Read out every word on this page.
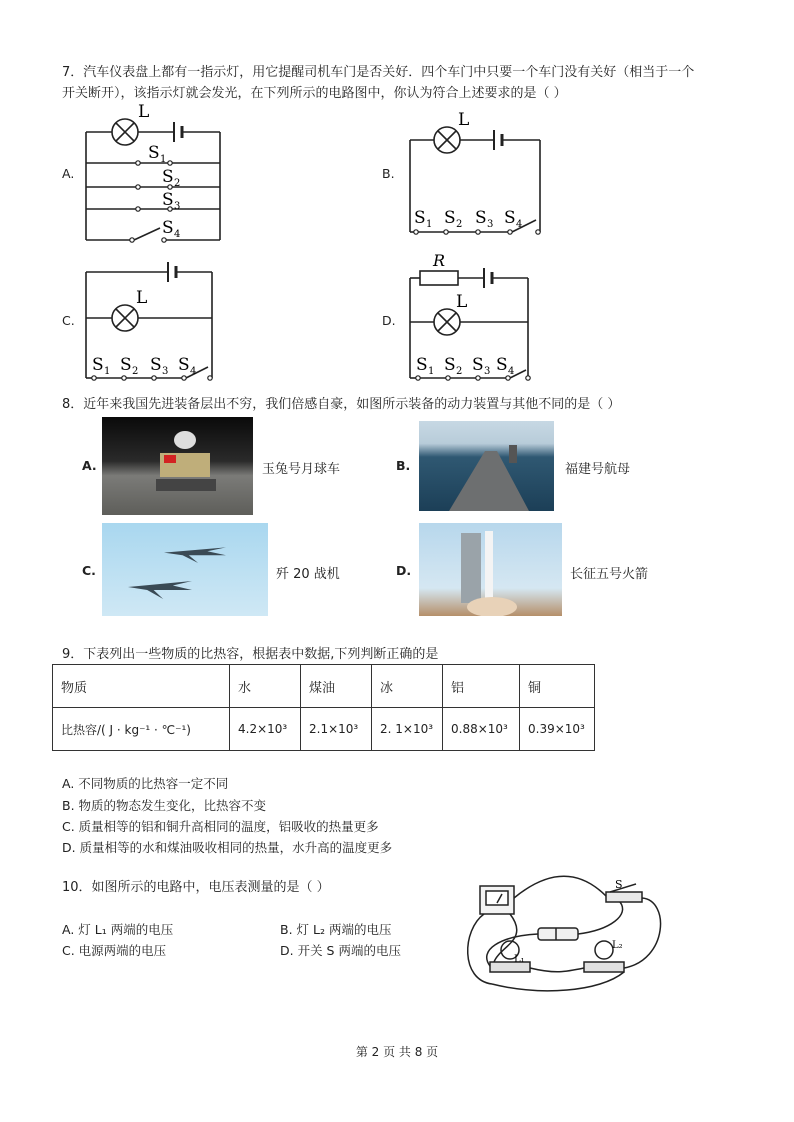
7．汽车仪表盘上都有一指示灯，用它提醒司机车门是否关好．四个车门中只要一个车门没有关好（相当于一个
开关断开），该指示灯就会发光，在下列所示的电路图中，你认为符合上述要求的是（ ）
A.	B.
C.	D.
L
S 1
S 2
S 3
S 4
L
S 1 S 2 S 3 S 4
L
S 1 S 2 S 3 S 4
R
L
S 1 S 2 S 3 S 4
8．近年来我国先进装备层出不穷，我们倍感自豪，如图所示装备的动力装置与其他不同的是（ ）
A.	玉兔号月球车	B.	福建号航母
C.	歼 20 战机	D.	长征五号火箭
9．下表列出一些物质的比热容，根据表中数据,下列判断正确的是
物质	水	煤油	冰	铝	铜
比热容/( J · kg⁻¹ · ℃⁻¹)	4.2×10³	2.1×10³	2. 1×10³	0.88×10³	0.39×10³
A. 不同物质的比热容一定不同
B. 物质的物态发生变化，比热容不变
C. 质量相等的铝和铜升高相同的温度，铝吸收的热量更多
D. 质量相等的水和煤油吸收相同的热量，水升高的温度更多
10．如图所示的电路中，电压表测量的是（ ）
A. 灯 L₁ 两端的电压	B. 灯 L₂ 两端的电压
C. 电源两端的电压	D. 开关 S 两端的电压
S
L₁
L₂
第 2 页 共 8 页
